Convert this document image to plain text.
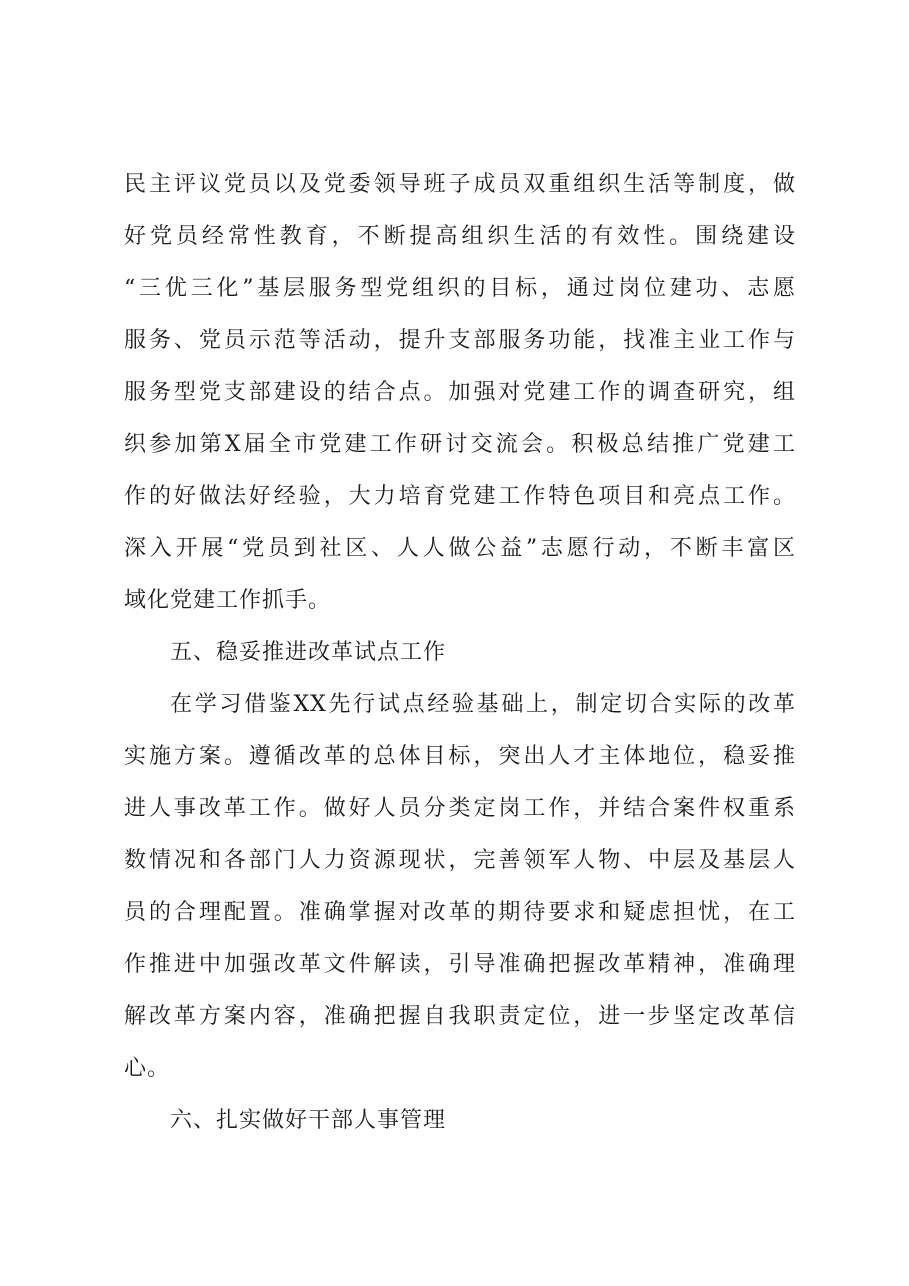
民主评议党员以及党委领导班子成员双重组织生活等制度，做
好党员经常性教育，不断提高组织生活的有效性。围绕建设
“三优三化”基层服务型党组织的目标，通过岗位建功、志愿
服务、党员示范等活动，提升支部服务功能，找准主业工作与
服务型党支部建设的结合点。加强对党建工作的调查研究，组
织参加第X届全市党建工作研讨交流会。积极总结推广党建工
作的好做法好经验，大力培育党建工作特色项目和亮点工作。
深入开展“党员到社区、人人做公益”志愿行动，不断丰富区
域化党建工作抓手。
五、稳妥推进改革试点工作
在学习借鉴XX先行试点经验基础上，制定切合实际的改革
实施方案。遵循改革的总体目标，突出人才主体地位，稳妥推
进人事改革工作。做好人员分类定岗工作，并结合案件权重系
数情况和各部门人力资源现状，完善领军人物、中层及基层人
员的合理配置。准确掌握对改革的期待要求和疑虑担忧，在工
作推进中加强改革文件解读，引导准确把握改革精神，准确理
解改革方案内容，准确把握自我职责定位，进一步坚定改革信
心。
六、扎实做好干部人事管理
